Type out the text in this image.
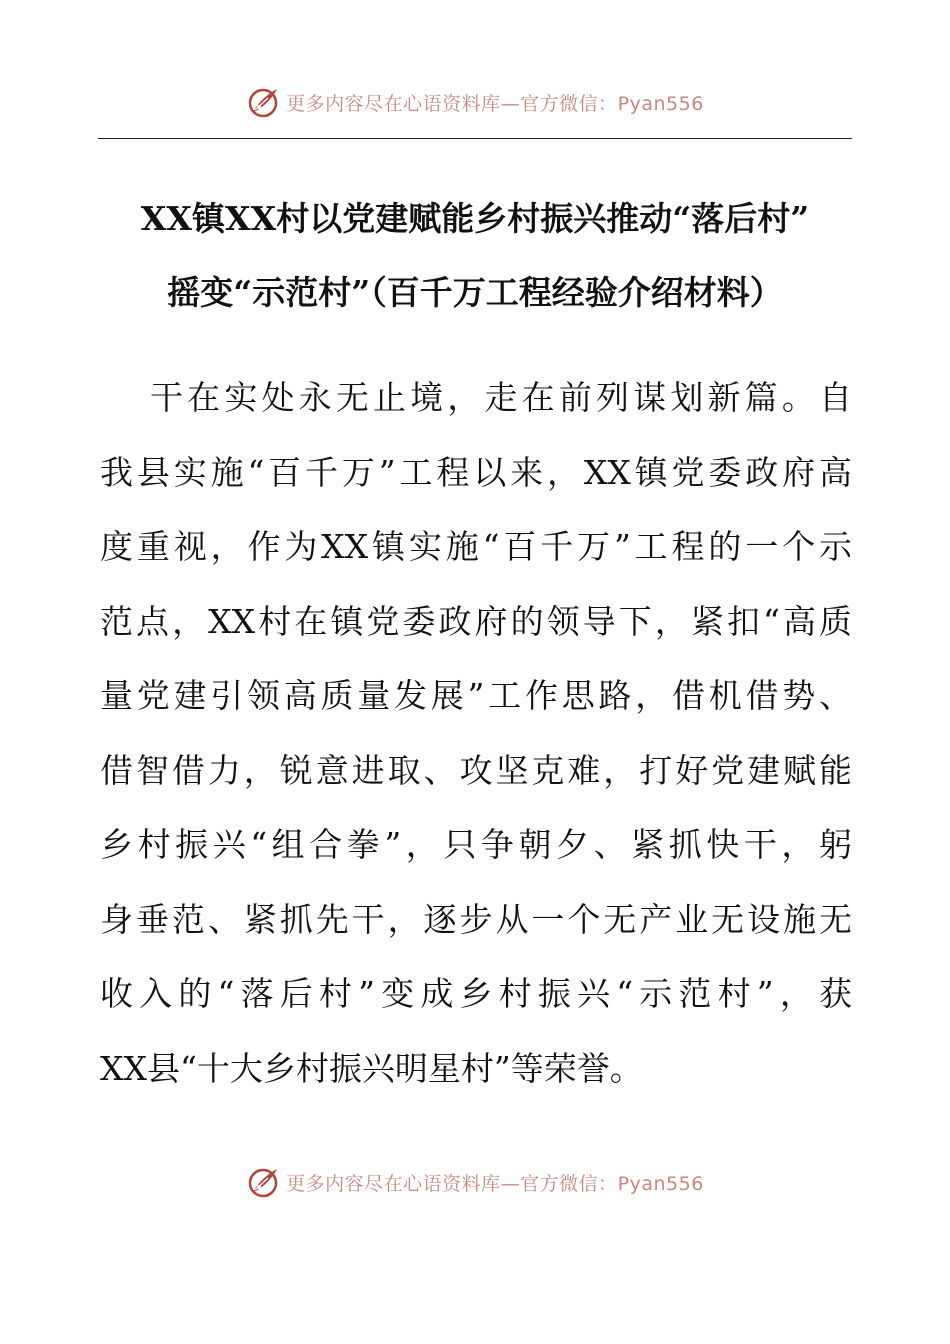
更多内容尽在心语资料库—官方微信：Pyan556
XX镇XX村以党建赋能乡村振兴推动“落后村”
摇变“示范村”（百千万工程经验介绍材料）

干在实处永无止境，走在前列谋划新篇。自
我县实施“百千万”工程以来，XX镇党委政府高
度重视，作为XX镇实施“百千万”工程的一个示
范点，XX村在镇党委政府的领导下，紧扣“高质
量党建引领高质量发展”工作思路，借机借势、
借智借力，锐意进取、攻坚克难，打好党建赋能
乡村振兴“组合拳”，只争朝夕、紧抓快干，躬
身垂范、紧抓先干，逐步从一个无产业无设施无
收入的“落后村”变成乡村振兴“示范村”，获
XX县“十大乡村振兴明星村”等荣誉。

更多内容尽在心语资料库—官方微信：Pyan556
